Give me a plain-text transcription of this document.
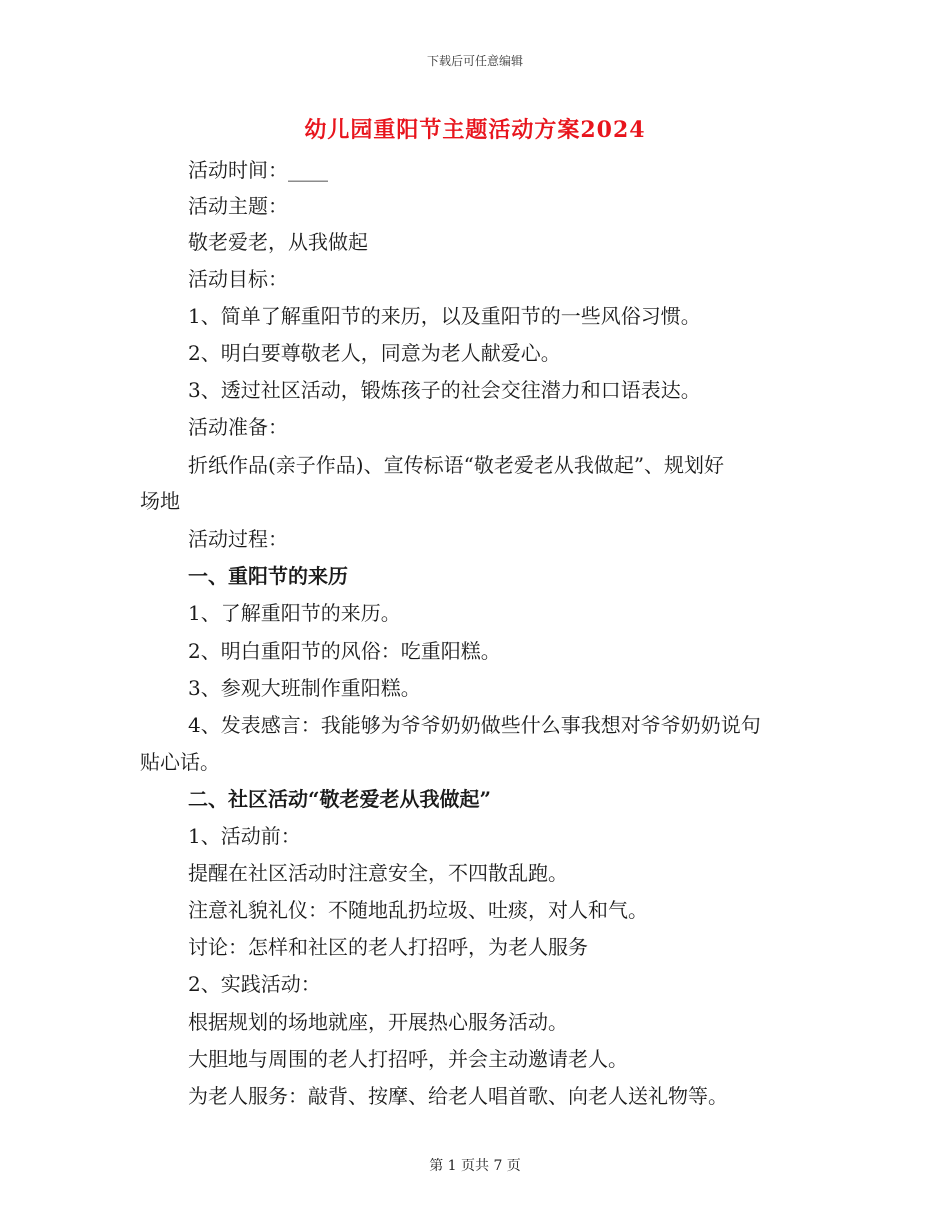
下载后可任意编辑
幼儿园重阳节主题活动方案2024
活动时间：____
活动主题：
敬老爱老，从我做起
活动目标：
1、简单了解重阳节的来历，以及重阳节的一些风俗习惯。
2、明白要尊敬老人，同意为老人献爱心。
3、透过社区活动，锻炼孩子的社会交往潜力和口语表达。
活动准备：
折纸作品(亲子作品)、宣传标语“敬老爱老从我做起”、规划好
场地
活动过程：
一、重阳节的来历
1、了解重阳节的来历。
2、明白重阳节的风俗：吃重阳糕。
3、参观大班制作重阳糕。
4、发表感言：我能够为爷爷奶奶做些什么事我想对爷爷奶奶说句
贴心话。
二、社区活动“敬老爱老从我做起”
1、活动前：
提醒在社区活动时注意安全，不四散乱跑。
注意礼貌礼仪：不随地乱扔垃圾、吐痰，对人和气。
讨论：怎样和社区的老人打招呼，为老人服务
2、实践活动：
根据规划的场地就座，开展热心服务活动。
大胆地与周围的老人打招呼，并会主动邀请老人。
为老人服务：敲背、按摩、给老人唱首歌、向老人送礼物等。
第 1 页共 7 页
